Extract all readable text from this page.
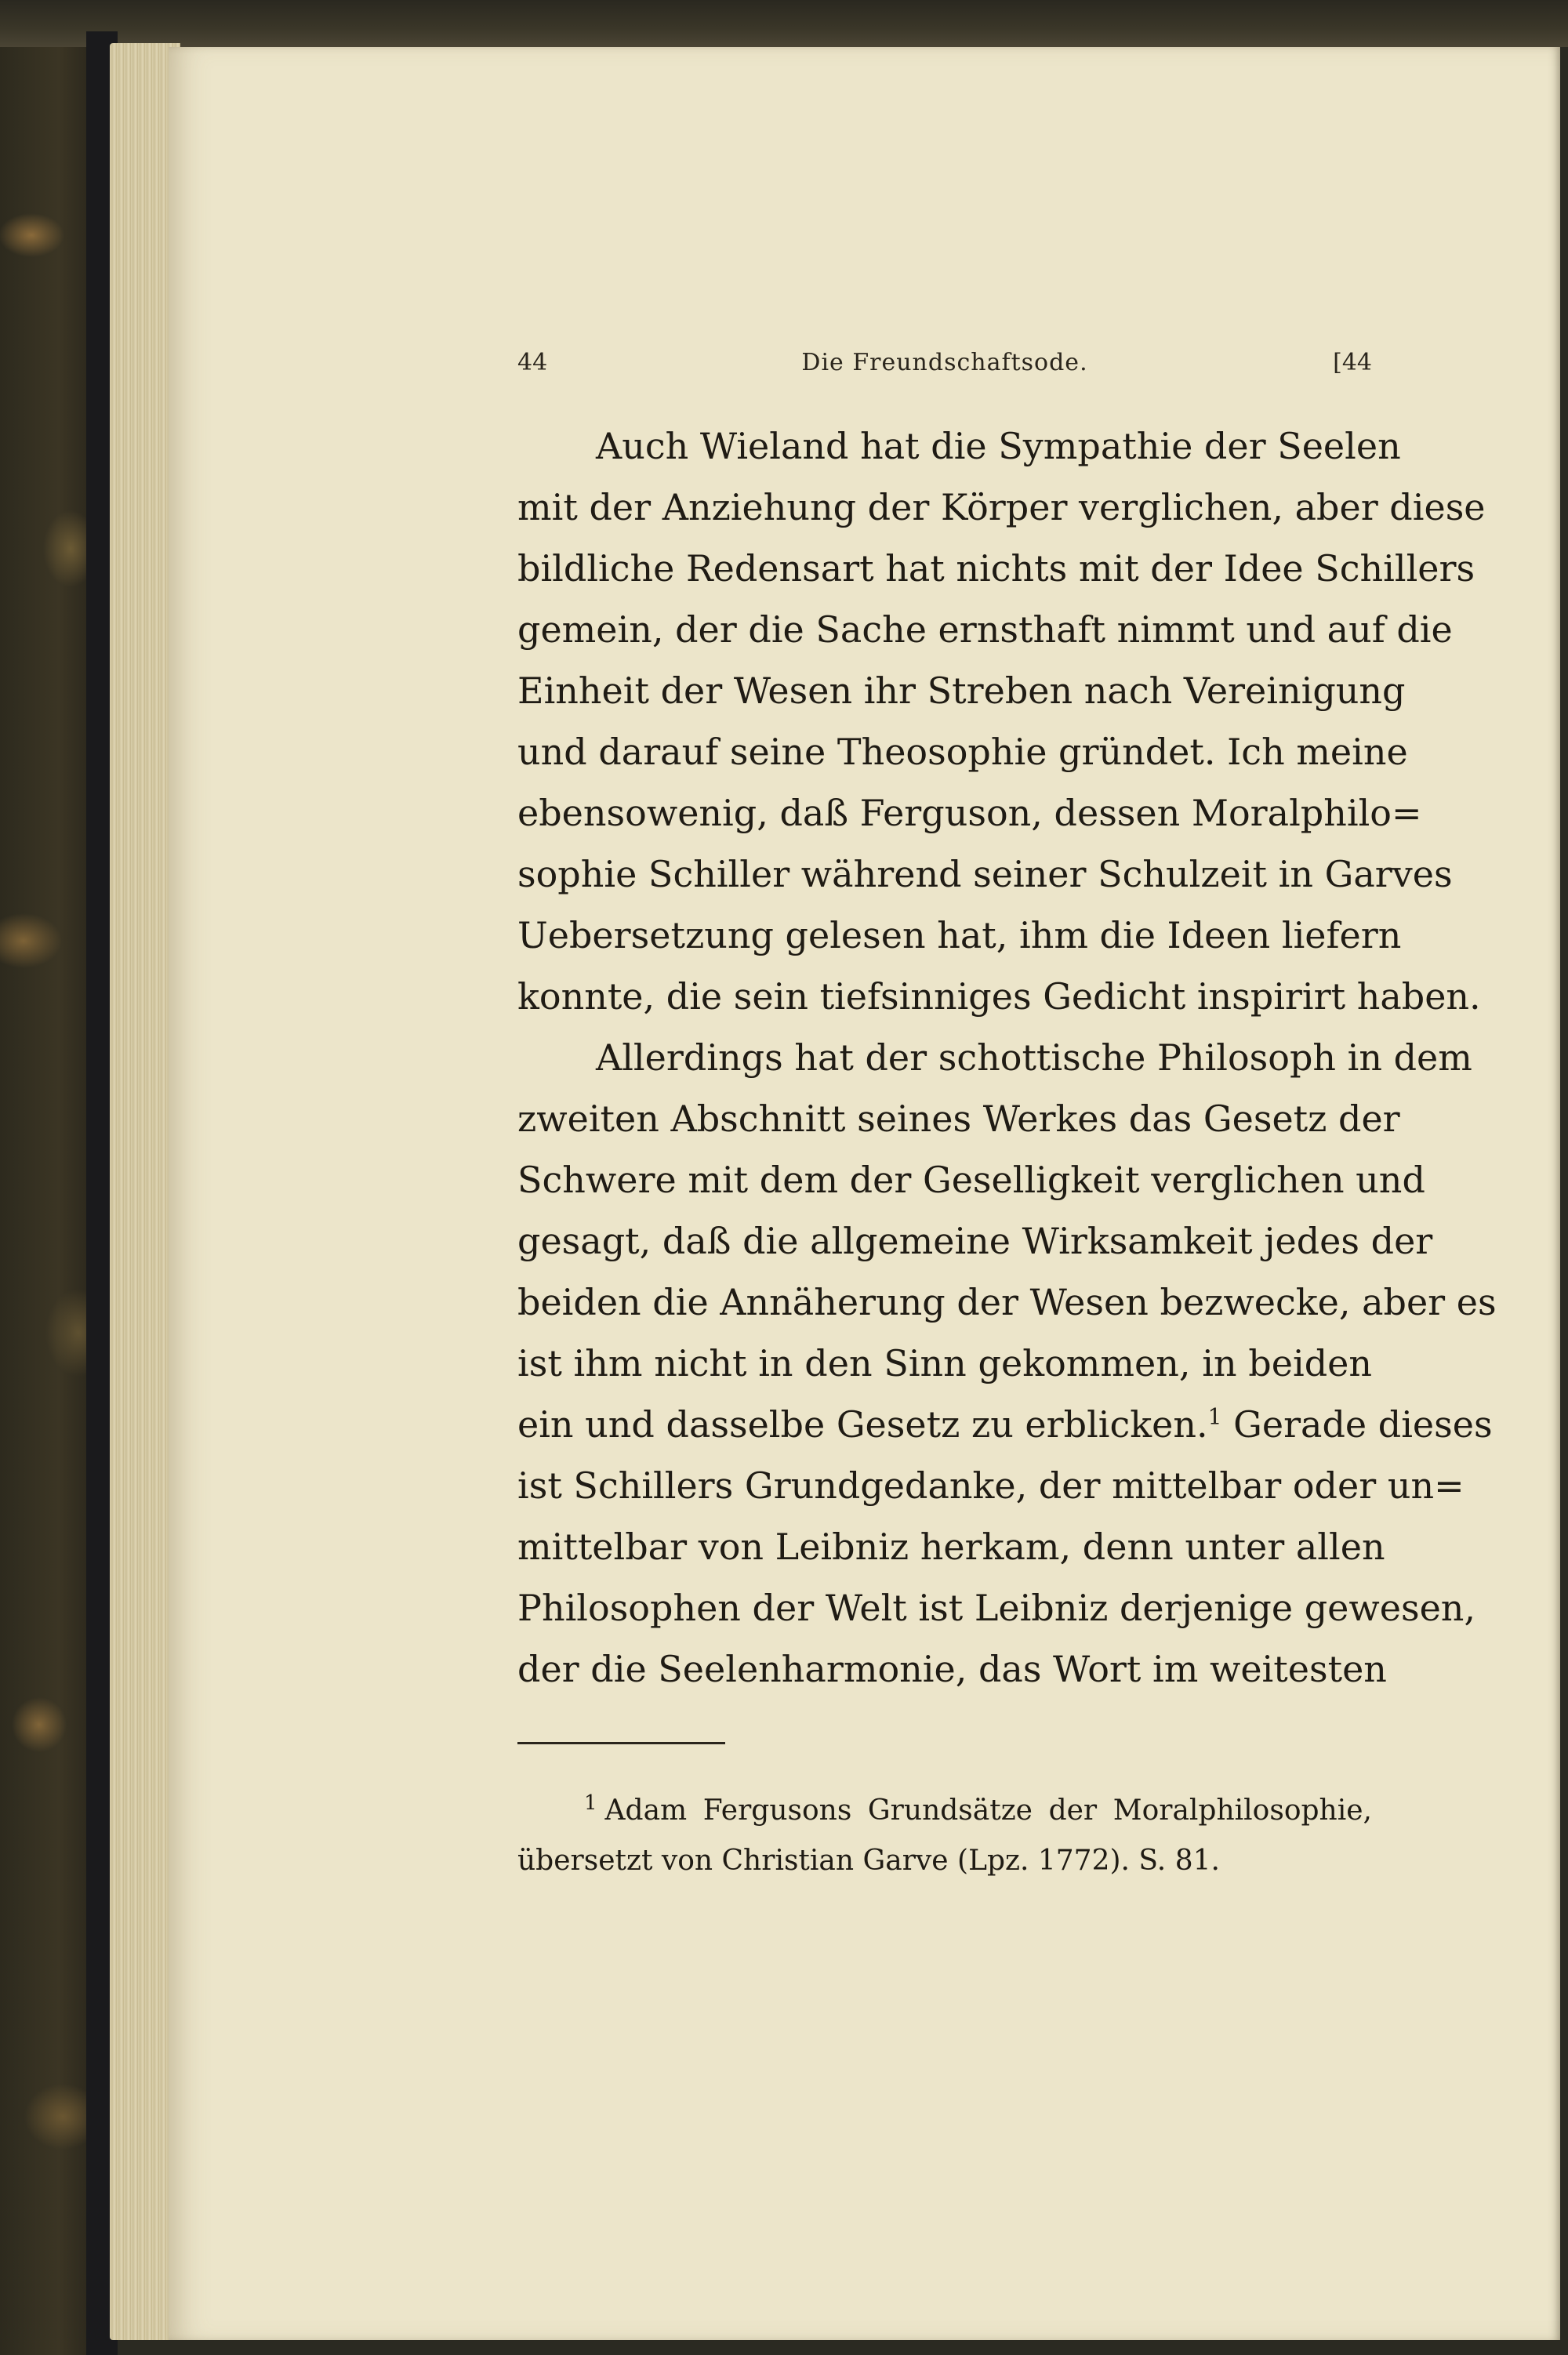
44	Die Freundschaftsode.	[44
Auch Wieland hat die Sympathie der Seelen
mit der Anziehung der Körper verglichen, aber diese
bildliche Redensart hat nichts mit der Idee Schillers
gemein, der die Sache ernsthaft nimmt und auf die
Einheit der Wesen ihr Streben nach Vereinigung
und darauf seine Theosophie gründet. Ich meine
ebensowenig, daß Ferguson, dessen Moralphilo=
sophie Schiller während seiner Schulzeit in Garves
Uebersetzung gelesen hat, ihm die Ideen liefern
konnte, die sein tiefsinniges Gedicht inspirirt haben.
Allerdings hat der schottische Philosoph in dem
zweiten Abschnitt seines Werkes das Gesetz der
Schwere mit dem der Geselligkeit verglichen und
gesagt, daß die allgemeine Wirksamkeit jedes der
beiden die Annäherung der Wesen bezwecke, aber es
ist ihm nicht in den Sinn gekommen, in beiden
ein und dasselbe Gesetz zu erblicken.$^1$ Gerade dieses
ist Schillers Grundgedanke, der mittelbar oder un=
mittelbar von Leibniz herkam, denn unter allen
Philosophen der Welt ist Leibniz derjenige gewesen,
der die Seelenharmonie, das Wort im weitesten
$^1$ Adam Fergusons Grundsätze der Moralphilosophie,
übersetzt von Christian Garve (Lpz. 1772). S. 81.
